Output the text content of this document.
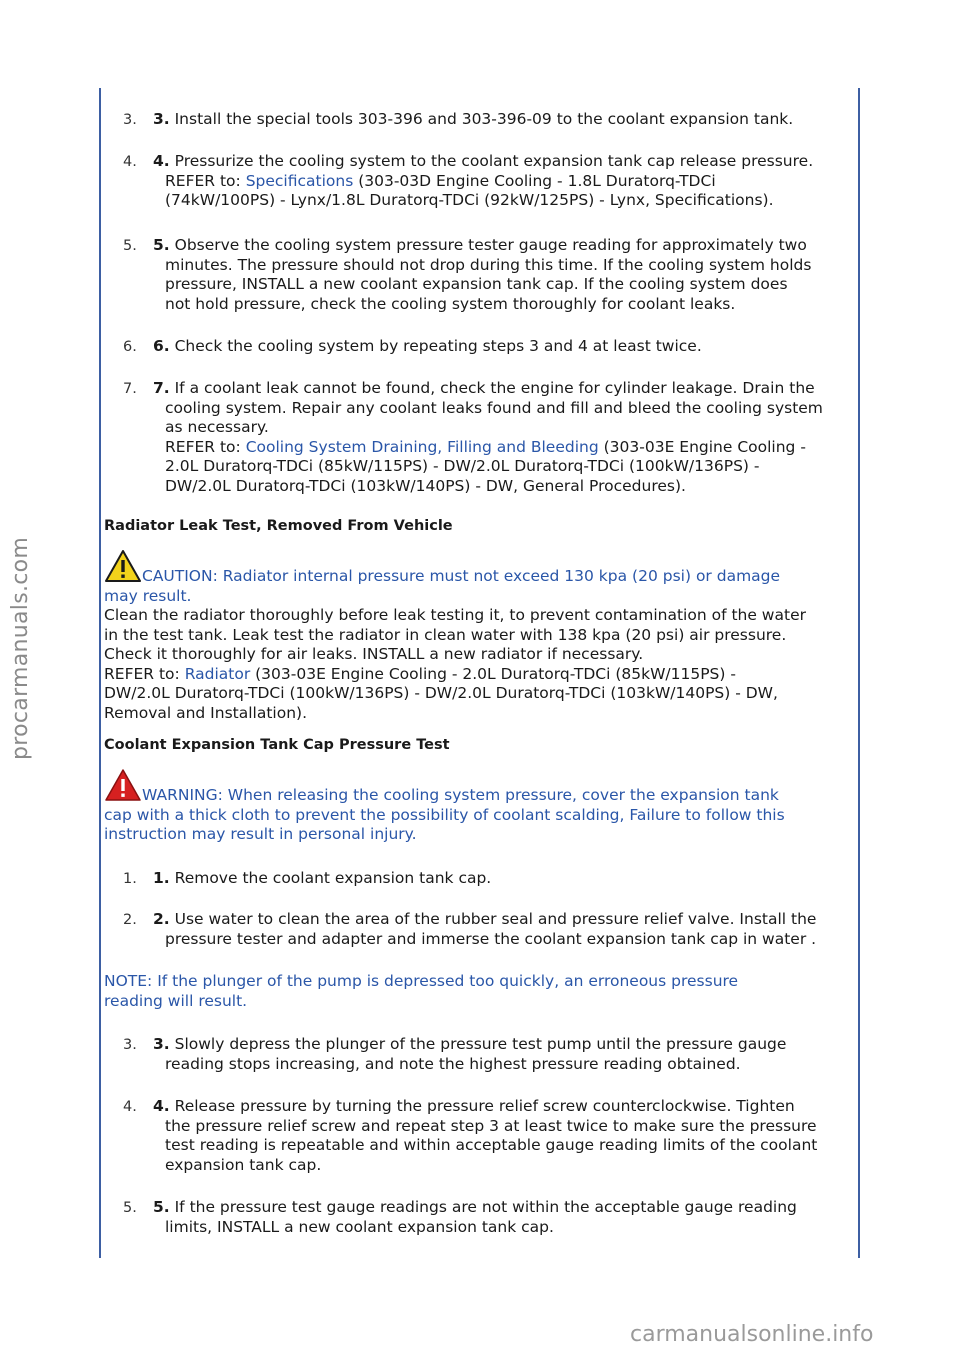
procarmanuals.com
carmanualsonline.info
3. 3. Install the special tools 303-396 and 303-396-09 to the coolant expansion tank.
4. 4. Pressurize the cooling system to the coolant expansion tank cap release pressure.
REFER to: Specifications (303-03D Engine Cooling - 1.8L Duratorq-TDCi
(74kW/100PS) - Lynx/1.8L Duratorq-TDCi (92kW/125PS) - Lynx, Specifications).
5. 5. Observe the cooling system pressure tester gauge reading for approximately two
minutes. The pressure should not drop during this time. If the cooling system holds
pressure, INSTALL a new coolant expansion tank cap. If the cooling system does
not hold pressure, check the cooling system thoroughly for coolant leaks.
6. 6. Check the cooling system by repeating steps 3 and 4 at least twice.
7. 7. If a coolant leak cannot be found, check the engine for cylinder leakage. Drain the
cooling system. Repair any coolant leaks found and fill and bleed the cooling system
as necessary.
REFER to: Cooling System Draining, Filling and Bleeding (303-03E Engine Cooling -
2.0L Duratorq-TDCi (85kW/115PS) - DW/2.0L Duratorq-TDCi (100kW/136PS) -
DW/2.0L Duratorq-TDCi (103kW/140PS) - DW, General Procedures).
Radiator Leak Test, Removed From Vehicle
CAUTION: Radiator internal pressure must not exceed 130 kpa (20 psi) or damage
may result.
Clean the radiator thoroughly before leak testing it, to prevent contamination of the water
in the test tank. Leak test the radiator in clean water with 138 kpa (20 psi) air pressure.
Check it thoroughly for air leaks. INSTALL a new radiator if necessary.
REFER to: Radiator (303-03E Engine Cooling - 2.0L Duratorq-TDCi (85kW/115PS) -
DW/2.0L Duratorq-TDCi (100kW/136PS) - DW/2.0L Duratorq-TDCi (103kW/140PS) - DW,
Removal and Installation).
Coolant Expansion Tank Cap Pressure Test
WARNING: When releasing the cooling system pressure, cover the expansion tank
cap with a thick cloth to prevent the possibility of coolant scalding, Failure to follow this
instruction may result in personal injury.
1. 1. Remove the coolant expansion tank cap.
2. 2. Use water to clean the area of the rubber seal and pressure relief valve. Install the
pressure tester and adapter and immerse the coolant expansion tank cap in water .
NOTE: If the plunger of the pump is depressed too quickly, an erroneous pressure
reading will result.
3. 3. Slowly depress the plunger of the pressure test pump until the pressure gauge
reading stops increasing, and note the highest pressure reading obtained.
4. 4. Release pressure by turning the pressure relief screw counterclockwise. Tighten
the pressure relief screw and repeat step 3 at least twice to make sure the pressure
test reading is repeatable and within acceptable gauge reading limits of the coolant
expansion tank cap.
5. 5. If the pressure test gauge readings are not within the acceptable gauge reading
limits, INSTALL a new coolant expansion tank cap.
